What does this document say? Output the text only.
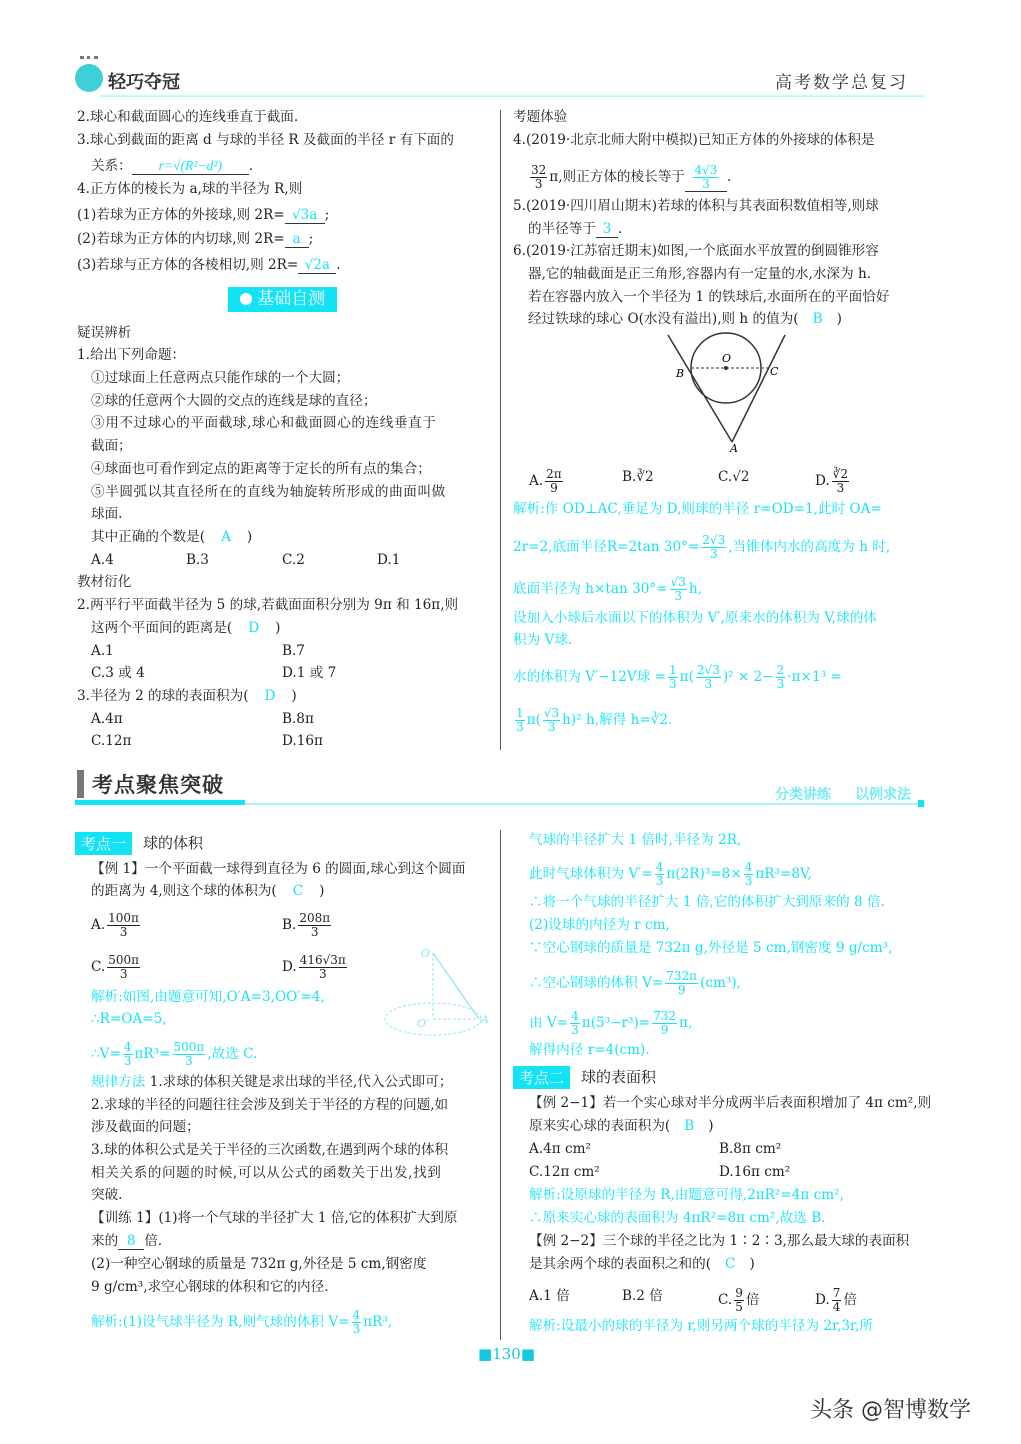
轻巧夺冠	高考数学总复习
2.球心和截面圆心的连线垂直于截面.
3.球心到截面的距离 d 与球的半径 R 及截面的半径 r 有下面的
关系： r=√(R²−d²) .
4.正方体的棱长为 a,球的半径为 R,则
(1)若球为正方体的外接球,则 2R= √3a ;
(2)若球为正方体的内切球,则 2R= a ;
(3)若球与正方体的各棱相切,则 2R= √2a .
基础自测
疑误辨析
1.给出下列命题：
①过球面上任意两点只能作球的一个大圆；
②球的任意两个大圆的交点的连线是球的直径；
③用不过球心的平面截球,球心和截面圆心的连线垂直于
截面；
④球面也可看作到定点的距离等于定长的所有点的集合；
⑤半圆弧以其直径所在的直线为轴旋转所形成的曲面叫做
球面.
其中正确的个数是( A )
A.4	B.3	C.2	D.1
教材衍化
2.两平行平面截半径为 5 的球,若截面面积分别为 9π 和 16π,则
这两个平面间的距离是( D )
A.1	B.7
C.3 或 4	D.1 或 7
3.半径为 2 的球的表面积为( D )
A.4π	B.8π
C.12π	D.16π
考题体验
4.(2019·北京北师大附中模拟)已知正方体的外接球的体积是
$\frac{32}{3} \pi$,则正方体的棱长等于 $\frac{4√3}{3}$ .
5.(2019·四川眉山期末)若球的体积与其表面积数值相等,则球
的半径等于 3 .
6.(2019·江苏宿迁期末)如图,一个底面水平放置的倒圆锥形容
器,它的轴截面是正三角形,容器内有一定量的水,水深为 h.
若在容器内放入一个半径为 1 的铁球后,水面所在的平面恰好
经过铁球的球心 O(水没有溢出),则 h 的值为( B )
O
B	C
A
A. $\frac{2\pi}{9}$	B.∛2	C.√2	D. $\frac{∛2}{3}$
解析:作 OD⊥AC,垂足为 D,则球的半径 r=OD=1,此时 OA=
2r=2,底面半径R=2tan $30^\circ= \frac{2√3}{3}$ ,当锥体内水的高度为 h 时,
底面半径为 h×tan $30^\circ= \frac{√3}{3} h$,
设加入小球后水面以下的体积为 V′,原来水的体积为 V,球的体
积为 V球.
水的体积为 V′−12V球 = $\frac{1}{3} \pi( \frac{2√3}{3} )^2 \times 2- \frac{2}{3} \cdot\pi\times 1^3$ =
$\frac{1}{3} \pi( \frac{√3}{3} h)^2$ h,解得 h=∛2.
考点聚焦突破	分类讲练 以例求法
考点一	球的体积
【例 1】一个平面截一球得到直径为 6 的圆面,球心到这个圆面
的距离为 4,则这个球的体积为( C )
A. $\frac{100\pi}{3}$	B. $\frac{208\pi}{3}$
C. $\frac{500\pi}{3}$	D. $\frac{416√3\pi}{3}$
O
O′	A
解析:如图,由题意可知,O′A=3,OO′=4,
∴R=OA=5,
∴V= $\frac{4}{3} \pi R^3= \frac{500\pi}{3}$ ,故选 C.
规律方法 1.求球的体积关键是求出球的半径,代入公式即可；
2.求球的半径的问题往往会涉及到关于半径的方程的问题,如
涉及截面的问题；
3.球的体积公式是关于半径的三次函数,在遇到两个球的体积
相关关系的问题的时候,可以从公式的函数关于出发,找到
突破.
【训练 1】(1)将一个气球的半径扩大 1 倍,它的体积扩大到原
来的 8 倍.
(2)一种空心钢球的质量是 732π g,外径是 5 cm,钢密度
9 g/cm³,求空心钢球的体积和它的内径.
解析:(1)设气球半径为 R,则气球的体积 $V= \frac{4}{3} \pi R^3$,
气球的半径扩大 1 倍时,半径为 2R,
此时气球体积为 $V'= \frac{4}{3} \pi(2R)^3=8\times \frac{4}{3} \pi R^3=8V$,
∴将一个气球的半径扩大 1 倍,它的体积扩大到原来的 8 倍.
(2)设球的内径为 r cm,
∵空心钢球的质量是 732π g,外径是 5 cm,钢密度 9 g/cm³,
∴空心钢球的体积 $V= \frac{732\pi}{9} (cm^3)$,
由 $V= \frac{4}{3} \pi(5^3-r^3)= \frac{732}{9} \pi$,
解得内径 r=4(cm).
考点二	球的表面积
【例 2−1】若一个实心球对半分成两半后表面积增加了 4π cm²,则
原来实心球的表面积为( B )
A.4π cm²	B.8π cm²
C.12π cm²	D.16π cm²
解析:设原球的半径为 R,由题意可得,2πR²=4π cm²,
∴原来实心球的表面积为 4πR²=8π cm²,故选 B.
【例 2−2】三个球的半径之比为 1∶2∶3,那么最大球的表面积
是其余两个球的表面积之和的( C )
A.1 倍	B.2 倍	C. $\frac{9}{5}$ 倍	D. $\frac{7}{4}$ 倍
解析:设最小的球的半径为 r,则另两个球的半径为 2r,3r,所
■130■
头条 @智博数学
